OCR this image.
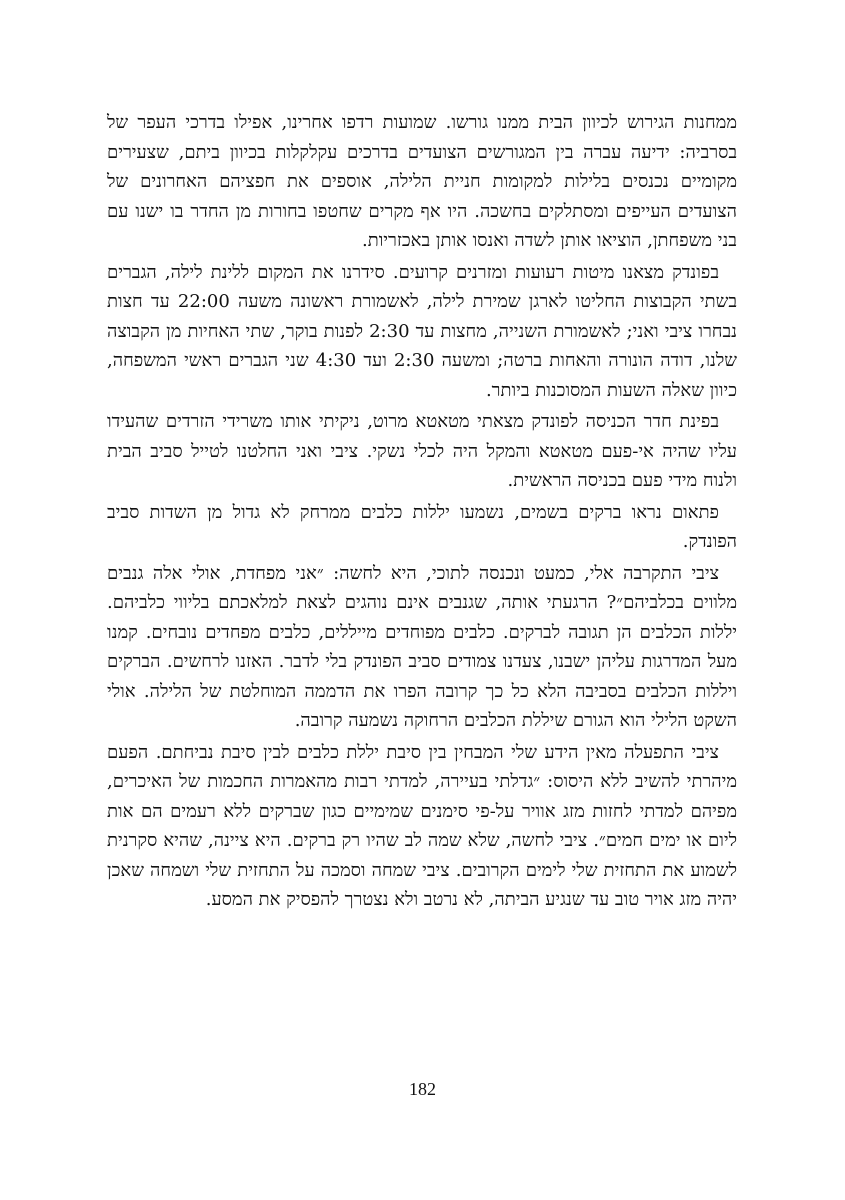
ממחנות הגירוש לכיוון הבית ממנו גורשו. שמועות רדפו אחרינו, אפילו בדרכי העפר של בסרביה: ידיעה עברה בין המגורשים הצועדים בדרכים עקלקלות בכיוון ביתם, שצעירים מקומיים נכנסים בלילות למקומות חניית הלילה, אוספים את חפציהם האחרונים של הצועדים העייפים ומסתלקים בחשכה. היו אף מקרים שחטפו בחורות מן החדר בו ישנו עם בני משפחתן, הוציאו אותן לשדה ואנסו אותן באכזריות.

בפונדק מצאנו מיטות רעועות ומזרנים קרועים. סידרנו את המקום ללינת לילה, הגברים בשתי הקבוצות החליטו לארגן שמירת לילה, לאשמורת ראשונה משעה 22:00 עד חצות נבחרו ציבי ואני; לאשמורת השנייה, מחצות עד 2:30 לפנות בוקר, שתי האחיות מן הקבוצה שלנו, דודה הונורה והאחות ברטה; ומשעה 2:30 ועד 4:30 שני הגברים ראשי המשפחה, כיוון שאלה השעות המסוכנות ביותר.

בפינת חדר הכניסה לפונדק מצאתי מטאטא מרוט, ניקיתי אותו משרידי הזרדים שהעידו עליו שהיה אי-פעם מטאטא והמקל היה לכלי נשקי. ציבי ואני החלטנו לטייל סביב הבית ולנוח מידי פעם בכניסה הראשית.

פתאום נראו ברקים בשמים, נשמעו יללות כלבים ממרחק לא גדול מן השדות סביב הפונדק.

ציבי התקרבה אלי, כמעט ונכנסה לתוכי, היא לחשה: ״אני מפחדת, אולי אלה גנבים מלווים בכלביהם״? הרגעתי אותה, שגנבים אינם נוהגים לצאת למלאכתם בליווי כלביהם. יללות הכלבים הן תגובה לברקים. כלבים מפוחדים מייללים, כלבים מפחדים נובחים. קמנו מעל המדרגות עליהן ישבנו, צעדנו צמודים סביב הפונדק בלי לדבר. האזנו לרחשים. הברקים ויללות הכלבים בסביבה הלא כל כך קרובה הפרו את הדממה המוחלטת של הלילה. אולי השקט הלילי הוא הגורם שיללת הכלבים הרחוקה נשמעה קרובה.

ציבי התפעלה מאין הידע שלי המבחין בין סיבת יללת כלבים לבין סיבת נביחתם. הפעם מיהרתי להשיב ללא היסוס: ״גדלתי בעיירה, למדתי רבות מהאמרות החכמות של האיכרים, מפיהם למדתי לחזות מזג אוויר על-פי סימנים שמימיים כגון שברקים ללא רעמים הם אות ליום או ימים חמים״. ציבי לחשה, שלא שמה לב שהיו רק ברקים. היא ציינה, שהיא סקרנית לשמוע את התחזית שלי לימים הקרובים. ציבי שמחה וסמכה על התחזית שלי ושמחה שאכן יהיה מזג אויר טוב עד שנגיע הביתה, לא נרטב ולא נצטרך להפסיק את המסע.

182
